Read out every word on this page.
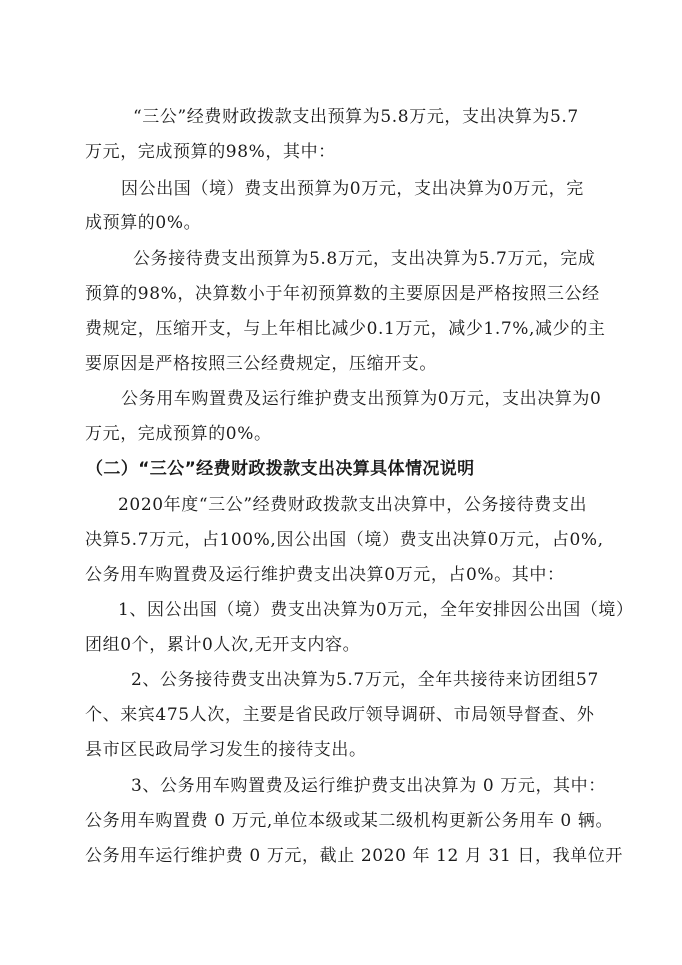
“三公”经费财政拨款支出预算为5.8万元，支出决算为5.7
万元，完成预算的98%，其中：
因公出国（境）费支出预算为0万元，支出决算为0万元，完
成预算的0%。
公务接待费支出预算为5.8万元，支出决算为5.7万元，完成
预算的98%，决算数小于年初预算数的主要原因是严格按照三公经
费规定，压缩开支，与上年相比减少0.1万元，减少1.7%,减少的主
要原因是严格按照三公经费规定，压缩开支。
公务用车购置费及运行维护费支出预算为0万元，支出决算为0
万元，完成预算的0%。
（二）“三公”经费财政拨款支出决算具体情况说明
2020年度“三公”经费财政拨款支出决算中，公务接待费支出
决算5.7万元，占100%,因公出国（境）费支出决算0万元，占0%,
公务用车购置费及运行维护费支出决算0万元，占0%。其中：
1、因公出国（境）费支出决算为0万元，全年安排因公出国（境）
团组0个，累计0人次,无开支内容。
2、公务接待费支出决算为5.7万元，全年共接待来访团组57
个、来宾475人次，主要是省民政厅领导调研、市局领导督查、外
县市区民政局学习发生的接待支出。
3、公务用车购置费及运行维护费支出决算为 0 万元，其中：
公务用车购置费 0 万元,单位本级或某二级机构更新公务用车 0 辆。
公务用车运行维护费 0 万元，截止 2020 年 12 月 31 日，我单位开
